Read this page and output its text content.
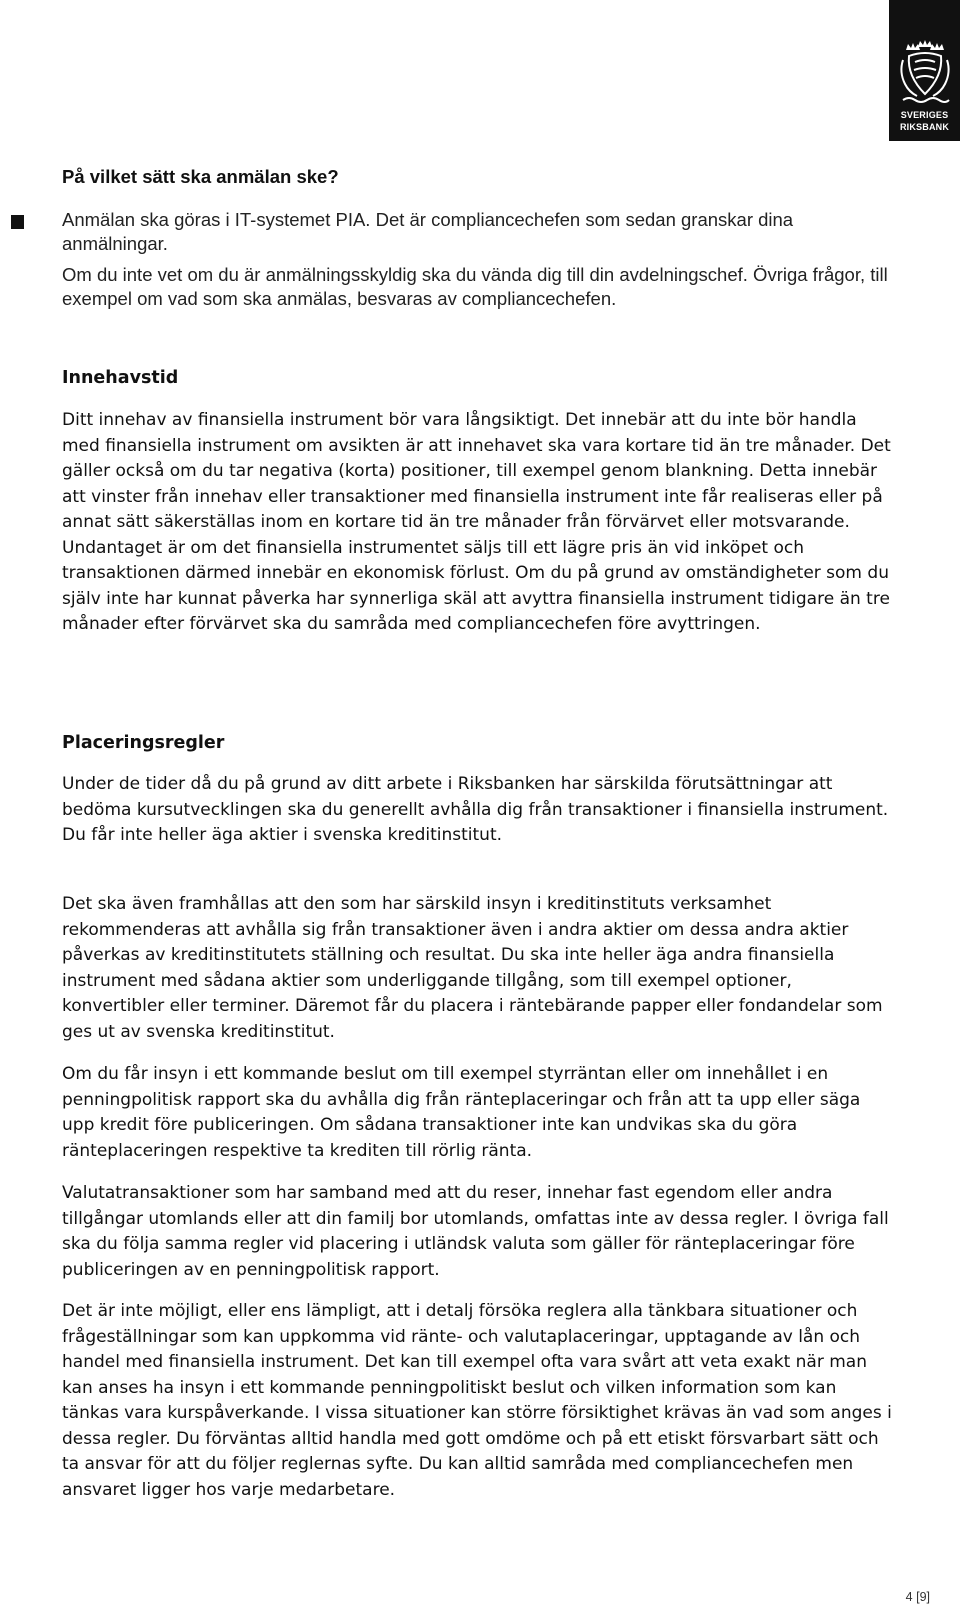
SVERIGES
RIKSBANK
På vilket sätt ska anmälan ske?

Anmälan ska göras i IT-systemet PIA. Det är compliancechefen som sedan granskar dina anmälningar.

Om du inte vet om du är anmälningsskyldig ska du vända dig till din avdelningschef. Övriga frågor, till exempel om vad som ska anmälas, besvaras av compliancechefen.

Innehavstid

Ditt innehav av finansiella instrument bör vara långsiktigt. Det innebär att du inte bör handla med finansiella instrument om avsikten är att innehavet ska vara kortare tid än tre månader. Det gäller också om du tar negativa (korta) positioner, till exempel genom blankning. Detta innebär att vinster från innehav eller transaktioner med finansiella instrument inte får realiseras eller på annat sätt säkerställas inom en kortare tid än tre månader från förvärvet eller motsvarande. Undantaget är om det finansiella instrumentet säljs till ett lägre pris än vid inköpet och transaktionen därmed innebär en ekonomisk förlust. Om du på grund av omständigheter som du själv inte har kunnat påverka har synnerliga skäl att avyttra finansiella instrument tidigare än tre månader efter förvärvet ska du samråda med compliancechefen före avyttringen.

Placeringsregler

Under de tider då du på grund av ditt arbete i Riksbanken har särskilda förutsättningar att bedöma kursutvecklingen ska du generellt avhålla dig från transaktioner i finansiella instrument. Du får inte heller äga aktier i svenska kreditinstitut.

Det ska även framhållas att den som har särskild insyn i kreditinstituts verksamhet rekommenderas att avhålla sig från transaktioner även i andra aktier om dessa andra aktier påverkas av kreditinstitutets ställning och resultat. Du ska inte heller äga andra finansiella instrument med sådana aktier som underliggande tillgång, som till exempel optioner, konvertibler eller terminer. Däremot får du placera i räntebärande papper eller fondandelar som ges ut av svenska kreditinstitut.

Om du får insyn i ett kommande beslut om till exempel styrräntan eller om innehållet i en penningpolitisk rapport ska du avhålla dig från ränteplaceringar och från att ta upp eller säga upp kredit före publiceringen. Om sådana transaktioner inte kan undvikas ska du göra ränteplaceringen respektive ta krediten till rörlig ränta.

Valutatransaktioner som har samband med att du reser, innehar fast egendom eller andra tillgångar utomlands eller att din familj bor utomlands, omfattas inte av dessa regler. I övriga fall ska du följa samma regler vid placering i utländsk valuta som gäller för ränteplaceringar före publiceringen av en penningpolitisk rapport.

Det är inte möjligt, eller ens lämpligt, att i detalj försöka reglera alla tänkbara situationer och frågeställningar som kan uppkomma vid ränte- och valutaplaceringar, upptagande av lån och handel med finansiella instrument. Det kan till exempel ofta vara svårt att veta exakt när man kan anses ha insyn i ett kommande penningpolitiskt beslut och vilken information som kan tänkas vara kurspåverkande. I vissa situationer kan större försiktighet krävas än vad som anges i dessa regler. Du förväntas alltid handla med gott omdöme och på ett etiskt försvarbart sätt och ta ansvar för att du följer reglernas syfte. Du kan alltid samråda med compliancechefen men ansvaret ligger hos varje medarbetare.

4 [9]
